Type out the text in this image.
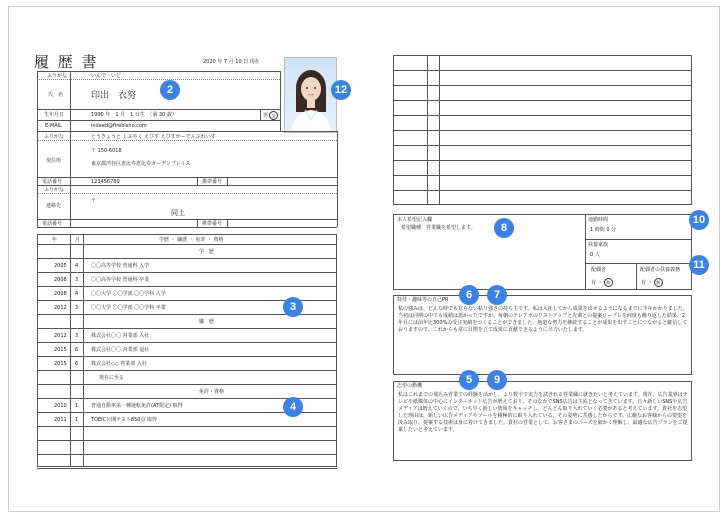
履 歴 書	2020 年 7 月 10 日 現在
ふりがな	いんで　いど
氏　名	印出　衣努
生年月日	1990 年　1 月　1 日生　（満 30 歳）	男 女
E-MAIL	indeed@fireblsho.com
ふりがな	とうきょうと しぶやく えびす えびすがーでんぷれいす
現住所
〒 150-6018
東京都渋谷区恵比寿恵比寿ガーデンプレイス
電話番号	123456789	携帯番号
ふりがな
連絡先
〒
同上
電話番号	携帯番号
年	月	学歴 ・ 職歴 ・ 免許 ・ 資格
学　歴
2005 4	〇〇高等学校 普通科 入学
2008 3	〇〇高等学校 普通科 卒業
2008 4	〇〇大学 〇〇学部 〇〇学科 入学
2012 3	〇〇大学 〇〇学部 〇〇学科 卒業
職　歴
2012 3	株式会社〇〇 営業部 入社
2015 6	株式会社〇〇 営業部 退社
2015 6	株式会社◇◇ 営業部 入社
現在に至る
免許・資格
2010 1	普通自動車第一種運転免許(AT限定) 取得
2011 1	TOEIC公開テスト850点 取得
本人希望記入欄
希望職種：営業職を希望します。
通勤時間
1 時間 0 分
扶養家族
0 人
配偶者
有 ・ 無
配偶者の扶養義務
有 ・ 無
特技・趣味等の自己PR
私の強みは、どんな時でも怠らない粘り強さの持ち主です。私は入社してから成果を出せるようになるまでに半年かかりました。当初は同期の中でも成績は悪かったですが、毎朝のテレアポのリストアップと先輩との提案ロープレを何度も繰り返した結果、2年目には前年比300%の受注実績をつくることができました。地道な努力を継続することが成果を出すことにつながると確信しておりますので、これからも常に目標を立て成果に貢献できるように尽力いたします。
志望の動機
私はこれまでの飛込み営業での経験を活かし、より数字で実力を試される営業職に就きたいと考えています。現在、広告業界はテレビや紙媒体の中心にインターネット広告が増えており、そのなかでSNS広告は主流となってきています。日々新しいSNSや広告メディアは増えていくので、いち早く新しい情報をキャッチし、どんどん取り入れていく必要があると考えています。貴社を志望した理由は、新しい広告メディアやツールを積極的に取り入れている、その姿勢に共感したからです。広範なお客様からの要望を汲み取り、提案する技術は身に着けてきました。貴社の営業として、お客さまのニーズを細かく理解し、最適な広告プランをご提案したいと考えています。
2	12
3
4
6	7
8
10
11
5	9
